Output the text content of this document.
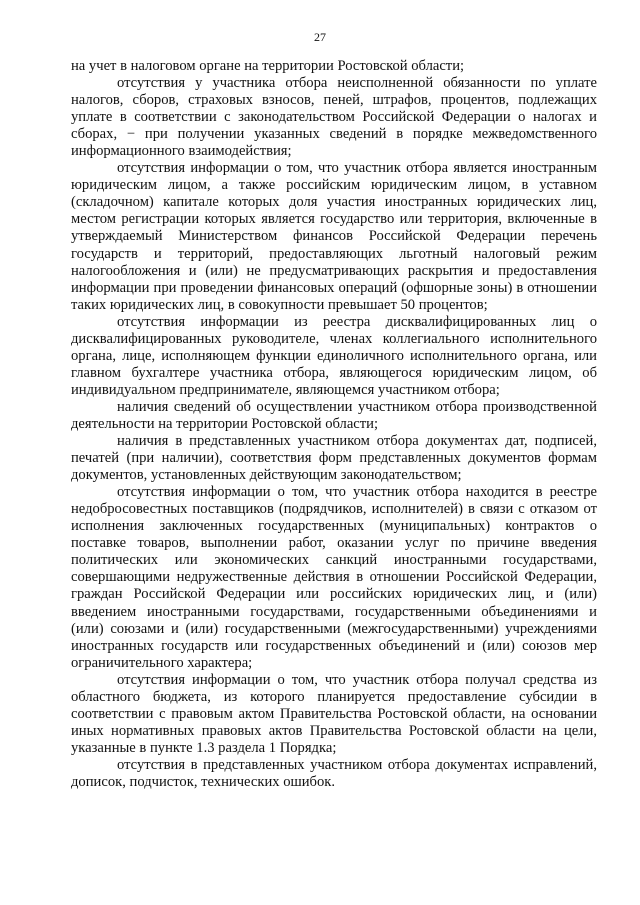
27

на учет в налоговом органе на территории Ростовской области;

отсутствия у участника отбора неисполненной обязанности по уплате налогов, сборов, страховых взносов, пеней, штрафов, процентов, подлежащих уплате в соответствии с законодательством Российской Федерации о налогах и сборах, − при получении указанных сведений в порядке межведомственного информационного взаимодействия;

отсутствия информации о том, что участник отбора является иностранным юридическим лицом, а также российским юридическим лицом, в уставном (складочном) капитале которых доля участия иностранных юридических лиц, местом регистрации которых является государство или территория, включенные в утверждаемый Министерством финансов Российской Федерации перечень государств и территорий, предоставляющих льготный налоговый режим налогообложения и (или) не предусматривающих раскрытия и предоставления информации при проведении финансовых операций (офшорные зоны) в отношении таких юридических лиц, в совокупности превышает 50 процентов;

отсутствия информации из реестра дисквалифицированных лиц о дисквалифицированных руководителе, членах коллегиального исполнительного органа, лице, исполняющем функции единоличного исполнительного органа, или главном бухгалтере участника отбора, являющегося юридическим лицом, об индивидуальном предпринимателе, являющемся участником отбора;

наличия сведений об осуществлении участником отбора производственной деятельности на территории Ростовской области;

наличия в представленных участником отбора документах дат, подписей, печатей (при наличии), соответствия форм представленных документов формам документов, установленных действующим законодательством;

отсутствия информации о том, что участник отбора находится в реестре недобросовестных поставщиков (подрядчиков, исполнителей) в связи с отказом от исполнения заключенных государственных (муниципальных) контрактов о поставке товаров, выполнении работ, оказании услуг по причине введения политических или экономических санкций иностранными государствами, совершающими недружественные действия в отношении Российской Федерации, граждан Российской Федерации или российских юридических лиц, и (или) введением иностранными государствами, государственными объединениями и (или) союзами и (или) государственными (межгосударственными) учреждениями иностранных государств или государственных объединений и (или) союзов мер ограничительного характера;

отсутствия информации о том, что участник отбора получал средства из областного бюджета, из которого планируется предоставление субсидии в соответствии с правовым актом Правительства Ростовской области, на основании иных нормативных правовых актов Правительства Ростовской области на цели, указанные в пункте 1.3 раздела 1 Порядка;

отсутствия в представленных участником отбора документах исправлений, дописок, подчисток, технических ошибок.
